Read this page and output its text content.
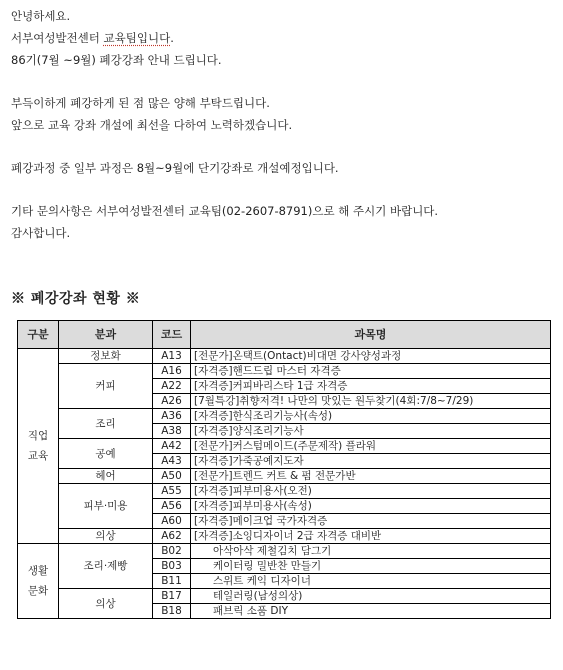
안녕하세요.
서부여성발전센터 교육팀입니다.
86기(7월 ~9월) 폐강강좌 안내 드립니다.
부득이하게 폐강하게 된 점 많은 양해 부탁드립니다.
앞으로 교육 강좌 개설에 최선을 다하여 노력하겠습니다.
폐강과정 중 일부 과정은 8월~9월에 단기강좌로 개설예정입니다.
기타 문의사항은 서부여성발전센터 교육팀(02-2607-8791)으로 해 주시기 바랍니다.
감사합니다.
※ 폐강강좌 현황 ※
구분	분과	코드	과목명
직업
교육	정보화	A13	[전문가]온택트(Ontact)비대면 강사양성과정
	커피	A16	[자격증]핸드드립 마스터 자격증
		A22	[자격증]커피바리스타 1급 자격증
		A26	[7월특강]취향저격! 나만의 맛있는 원두찾기(4회:7/8~7/29)
	조리	A36	[자격증]한식조리기능사(속성)
		A38	[자격증]양식조리기능사
	공예	A42	[전문가]커스텀메이드(주문제작) 플라워
		A43	[자격증]가죽공예지도자
	헤어	A50	[전문가]트렌드 커트 & 펌 전문가반
	피부·미용	A55	[자격증]피부미용사(오전)
		A56	[자격증]피부미용사(속성)
		A60	[자격증]메이크업 국가자격증
	의상	A62	[자격증]소잉디자이너 2급 자격증 대비반
생활
문화	조리·제빵	B02	아삭아삭 제철김치 담그기
		B03	케이터링 밀반찬 만들기
		B11	스위트 케익 디자이너
	의상	B17	테일러링(남성의상)
		B18	패브릭 소품 DIY
